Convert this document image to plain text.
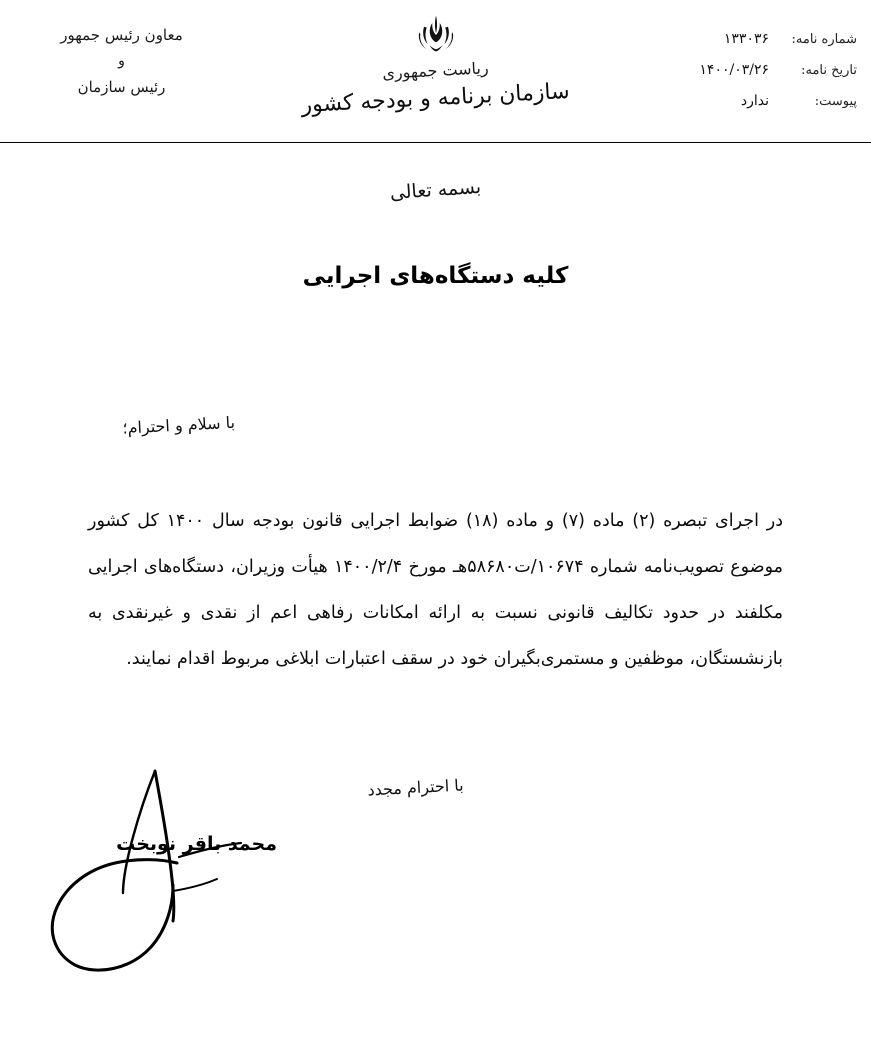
معاون رئیس جمهور
و
رئیس سازمان
ریاست جمهوری
سازمان برنامه و بودجه کشور
شماره نامه:
۱۳۳۰۳۶
تاریخ نامه:
۱۴۰۰/۰۳/۲۶
پیوست:
ندارد
بسمه تعالی
کلیه دستگاه‌های اجرایی
با سلام و احترام؛
در اجرای تبصره (۲) ماده (۷) و ماده (۱۸) ضوابط اجرایی قانون بودجه سال ۱۴۰۰ کل کشور موضوع تصویب‌نامه شماره ۱۰۶۷۴/ت۵۸۶۸۰هـ مورخ ۱۴۰۰/۲/۴ هیأت وزیران، دستگاه‌های اجرایی مکلفند در حدود تکالیف قانونی نسبت به ارائه امکانات رفاهی اعم از نقدی و غیرنقدی به بازنشستگان، موظفین و مستمری‌بگیران خود در سقف اعتبارات ابلاغی مربوط اقدام نمایند.
با احترام مجدد
محمد باقر نوبخت
